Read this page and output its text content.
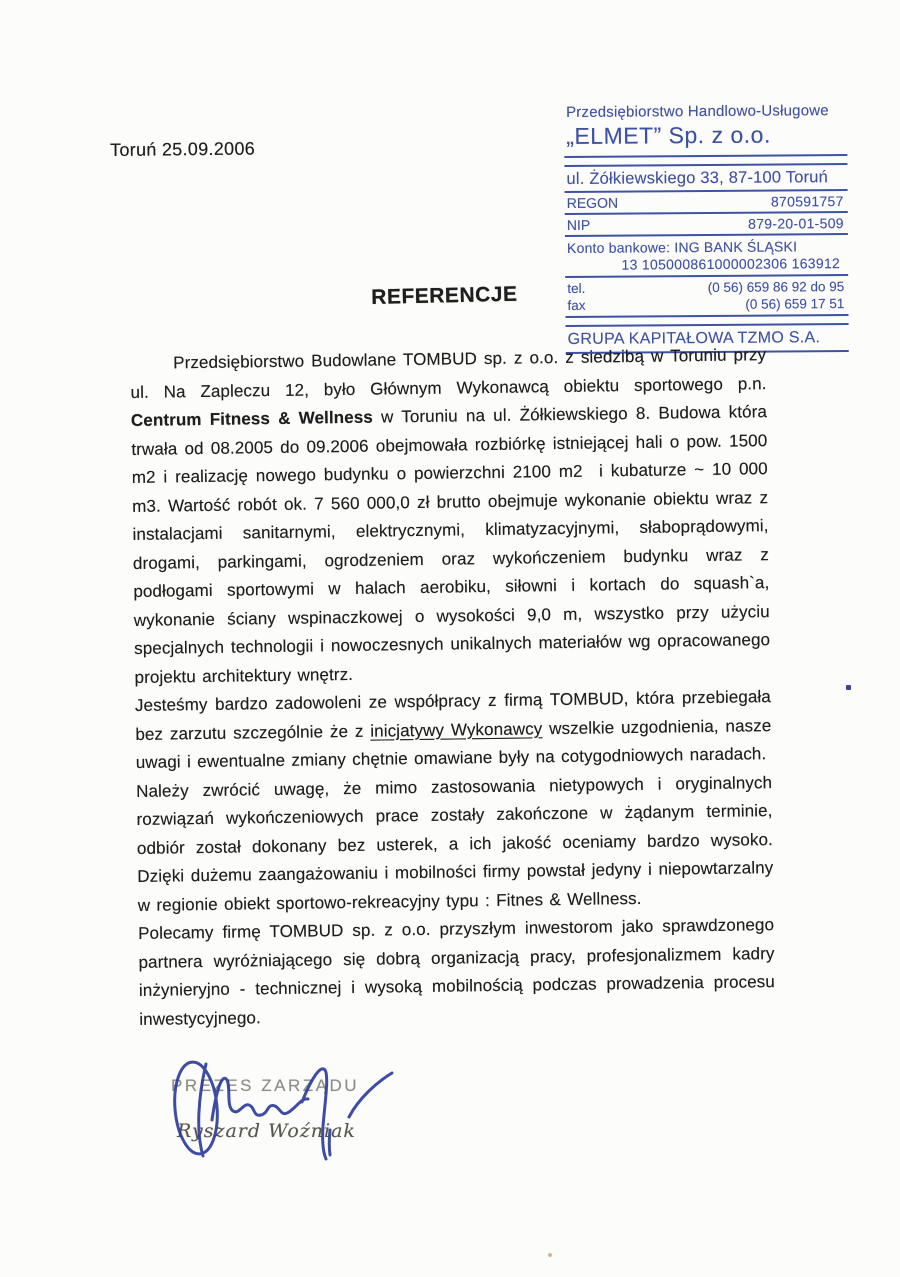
Toruń 25.09.2006
Przedsiębiorstwo Handlowo-Usługowe
„ELMET” Sp. z o.o.
ul. Żółkiewskiego 33, 87-100 Toruń
REGON	870591757
NIP	879-20-01-509
Konto bankowe: ING BANK ŚLĄSKI
13 105000861000002306 163912
tel.	(0 56) 659 86 92 do 95
fax	(0 56) 659 17 51
GRUPA KAPITAŁOWA TZMO S.A.
REFERENCJE

Przedsiębiorstwo Budowlane TOMBUD sp. z o.o. z siedzibą w Toruniu przy ul. Na Zapleczu 12, było Głównym Wykonawcą obiektu sportowego p.n. Centrum Fitness & Wellness w Toruniu na ul. Żółkiewskiego 8. Budowa która trwała od 08.2005 do 09.2006 obejmowała rozbiórkę istniejącej hali o pow. 1500 m2 i realizację nowego budynku o powierzchni 2100 m2  i kubaturze ~ 10 000 m3. Wartość robót ok. 7 560 000,0 zł brutto obejmuje wykonanie obiektu wraz z instalacjami sanitarnymi, elektrycznymi, klimatyzacyjnymi, słaboprądowymi, drogami, parkingami, ogrodzeniem oraz wykończeniem budynku wraz z podłogami sportowymi w halach aerobiku, siłowni i kortach do squash`a, wykonanie ściany wspinaczkowej o wysokości 9,0 m, wszystko przy użyciu specjalnych technologii i nowoczesnych unikalnych materiałów wg opracowanego projektu architektury wnętrz.

Jesteśmy bardzo zadowoleni ze współpracy z firmą TOMBUD, która przebiegała bez zarzutu szczególnie że z inicjatywy Wykonawcy wszelkie uzgodnienia, nasze uwagi i ewentualne zmiany chętnie omawiane były na cotygodniowych naradach.

Należy zwrócić uwagę, że mimo zastosowania nietypowych i oryginalnych rozwiązań wykończeniowych prace zostały zakończone w żądanym terminie, odbiór został dokonany bez usterek, a ich jakość oceniamy bardzo wysoko. Dzięki dużemu zaangażowaniu i mobilności firmy powstał jedyny i niepowtarzalny w regionie obiekt sportowo-rekreacyjny typu : Fitnes & Wellness.

Polecamy firmę TOMBUD sp. z o.o. przyszłym inwestorom jako sprawdzonego partnera wyróżniającego się dobrą organizacją pracy, profesjonalizmem kadry inżynieryjno - technicznej i wysoką mobilnością podczas prowadzenia procesu inwestycyjnego.

PREZES ZARZĄDU
Ryszard Woźniak
